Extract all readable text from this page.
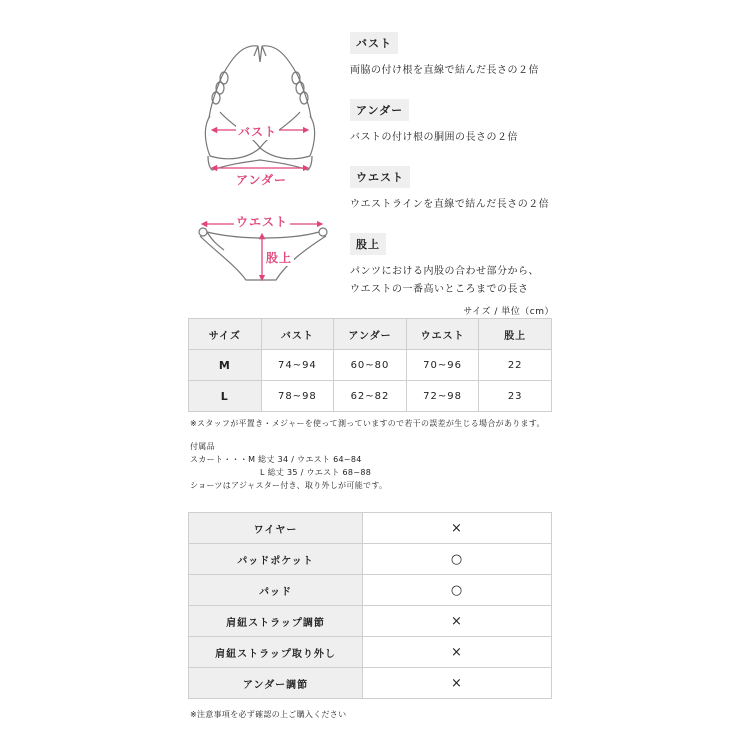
バスト
アンダー
ウエスト
股上
バスト
両脇の付け根を直線で結んだ長さの２倍
アンダー
バストの付け根の胴囲の長さの２倍
ウエスト
ウエストラインを直線で結んだ長さの２倍
股上
パンツにおける内股の合わせ部分から、
ウエストの一番高いところまでの長さ
サイズ / 単位（cm）
サイズ	バスト	アンダー	ウエスト	股上
M	74~94	60~80	70~96	22
L	78~98	62~82	72~98	23
※スタッフが平置き・メジャーを使って測っていますので若干の誤差が生じる場合があります。
付属品
スカート・・・M 総丈 34 / ウエスト 64~84
L 総丈 35 / ウエスト 68~88
ショーツはアジャスター付き、取り外しが可能です。
ワイヤー	×
パッドポケット	○
パッド	○
肩紐ストラップ調節	×
肩紐ストラップ取り外し	×
アンダー調節	×
※注意事項を必ず確認の上ご購入ください
